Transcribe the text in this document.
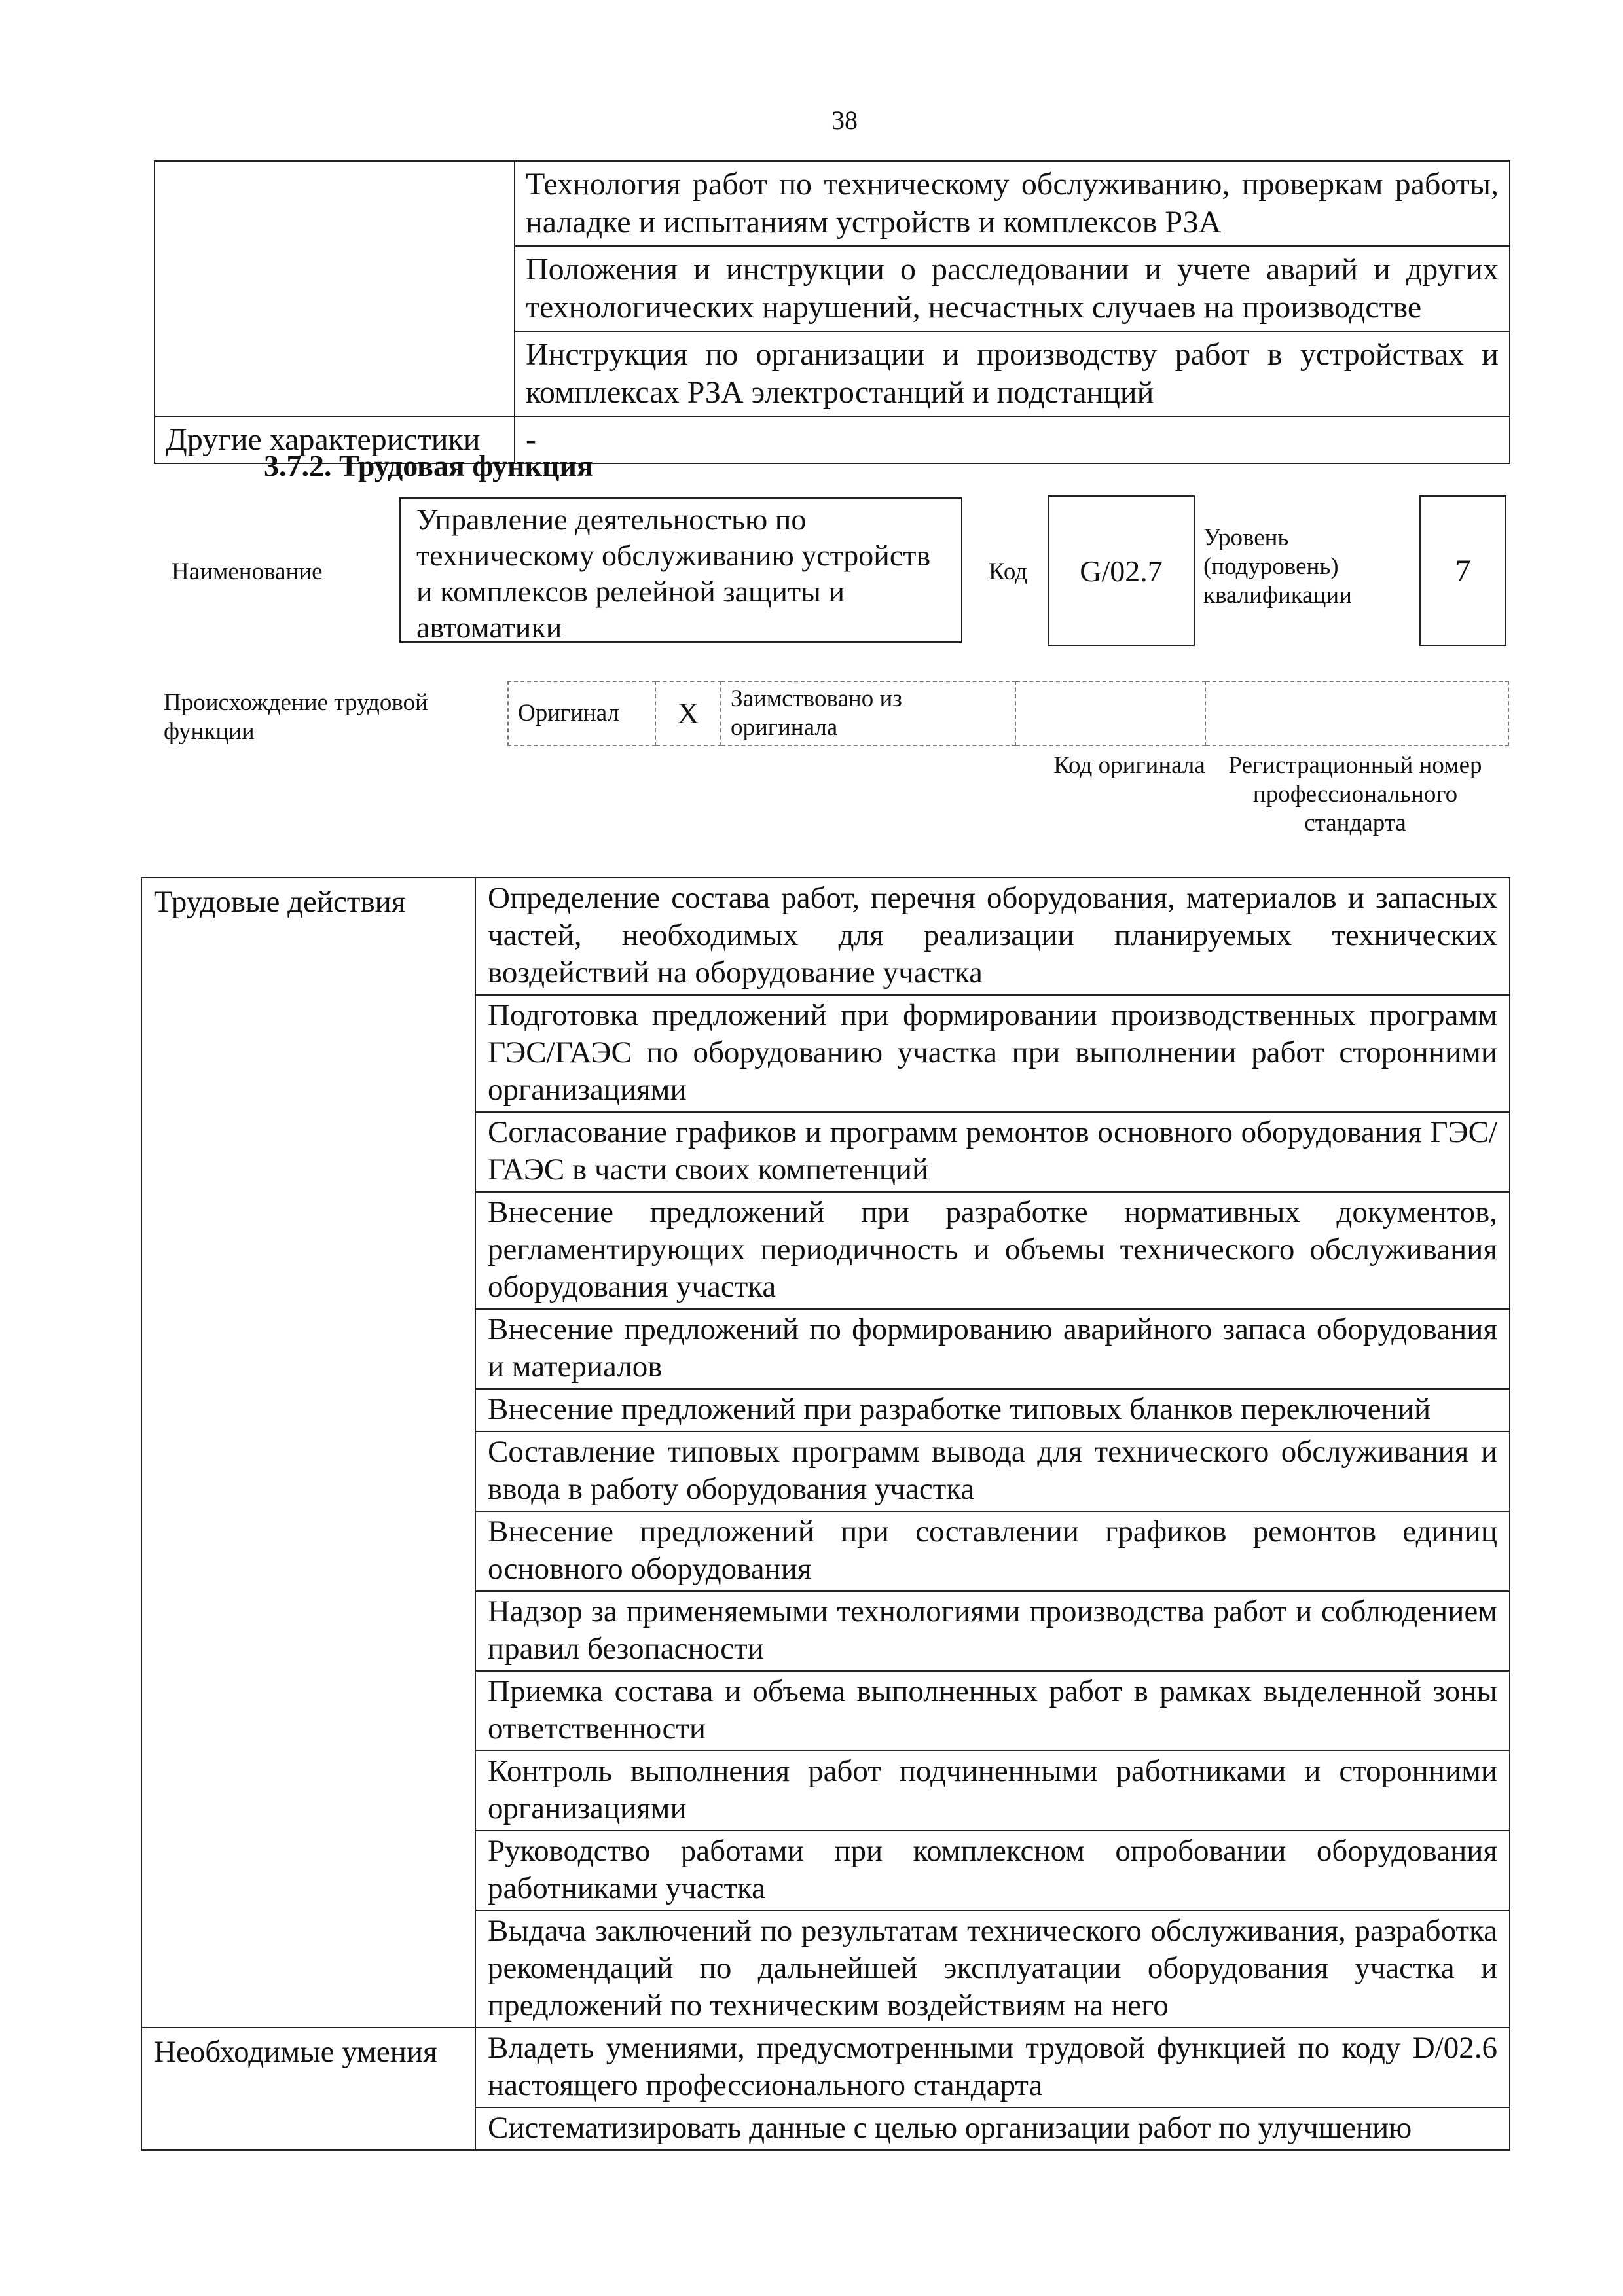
38
	Технология работ по техническому обслуживанию, проверкам работы, наладке и испытаниям устройств и комплексов РЗА
	Положения и инструкции о расследовании и учете аварий и других технологических нарушений, несчастных случаев на производстве
	Инструкция по организации и производству работ в устройствах и комплексах РЗА электростанций и подстанций
Другие характеристики	-
3.7.2. Трудовая функция
Наименование
Управление деятельностью по техническому обслуживанию устройств и комплексов релейной защиты и автоматики
Код	G/02.7
Уровень (подуровень) квалификации
7
Происхождение трудовой функции
Оригинал	X	Заимствовано из оригинала		
Код оригинала Регистрационный номер профессионального стандарта
Трудовые действия	Определение состава работ, перечня оборудования, материалов и запасных частей, необходимых для реализации планируемых технических воздействий на оборудование участка
	Подготовка предложений при формировании производственных программ ГЭС/ГАЭС по оборудованию участка при выполнении работ сторонними организациями
	Согласование графиков и программ ремонтов основного оборудования ГЭС/ГАЭС в части своих компетенций
	Внесение предложений при разработке нормативных документов, регламентирующих периодичность и объемы технического обслуживания оборудования участка
	Внесение предложений по формированию аварийного запаса оборудования и материалов
	Внесение предложений при разработке типовых бланков переключений
	Составление типовых программ вывода для технического обслуживания и ввода в работу оборудования участка
	Внесение предложений при составлении графиков ремонтов единиц основного оборудования
	Надзор за применяемыми технологиями производства работ и соблюдением правил безопасности
	Приемка состава и объема выполненных работ в рамках выделенной зоны ответственности
	Контроль выполнения работ подчиненными работниками и сторонними организациями
	Руководство работами при комплексном опробовании оборудования работниками участка
	Выдача заключений по результатам технического обслуживания, разработка рекомендаций по дальнейшей эксплуатации оборудования участка и предложений по техническим воздействиям на него
Необходимые умения	Владеть умениями, предусмотренными трудовой функцией по коду D/02.6 настоящего профессионального стандарта
	Систематизировать данные с целью организации работ по улучшению
